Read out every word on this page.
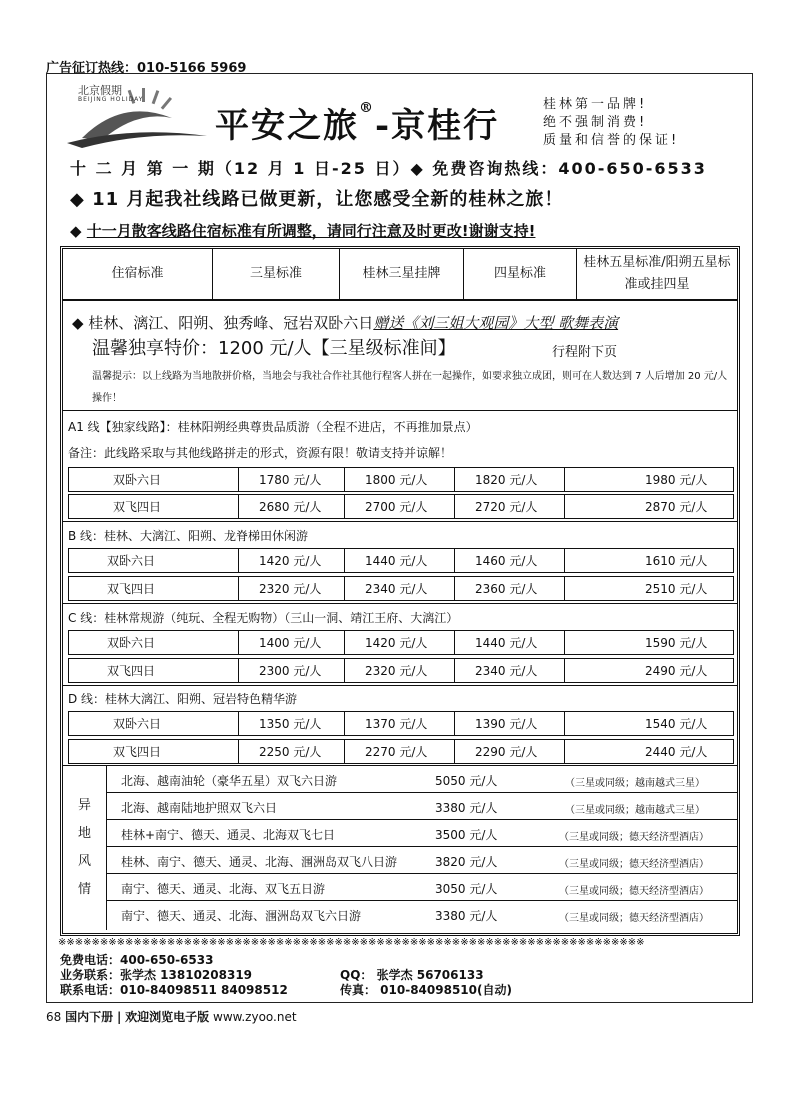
广告征订热线：010-5166 5969
北京假期
BEIJING HOLIDAY
平安之旅®-京桂行
桂林第一品牌!
绝不强制消费!
质量和信誉的保证!
十 二 月 第 一 期（12 月 1 日-25 日）◆ 免费咨询热线：400-650-6533
◆ 11 月起我社线路已做更新，让您感受全新的桂林之旅！
◆ 十一月散客线路住宿标准有所调整，请同行注意及时更改!谢谢支持!
住宿标准	三星标准	桂林三星挂牌	四星标准
桂林五星标准/阳朔五星标准或挂四星
◆ 桂林、漓江、阳朔、独秀峰、冠岩双卧六日赠送《刘三姐大观园》大型 歌舞表演
温馨独享特价：1200 元/人【三星级标准间】	行程附下页
温馨提示：以上线路为当地散拼价格，当地会与我社合作社其他行程客人拼在一起操作，如要求独立成团，则可在人数达到 7 人后增加 20 元/人操作！
A1 线【独家线路】：桂林阳朔经典尊贵品质游（全程不进店，不再推加景点）
备注：此线路采取与其他线路拼走的形式，资源有限！敬请支持并谅解！
双卧六日	1780 元/人	1800 元/人	1820 元/人	1980 元/人
双飞四日	2680 元/人	2700 元/人	2720 元/人	2870 元/人
B 线：桂林、大漓江、阳朔、龙脊梯田休闲游
双卧六日	1420 元/人	1440 元/人	1460 元/人	1610 元/人
双飞四日	2320 元/人	2340 元/人	2360 元/人	2510 元/人
C 线：桂林常规游（纯玩、全程无购物）（三山一洞、靖江王府、大漓江）
双卧六日	1400 元/人	1420 元/人	1440 元/人	1590 元/人
双飞四日	2300 元/人	2320 元/人	2340 元/人	2490 元/人
D 线：桂林大漓江、阳朔、冠岩特色精华游
双卧六日	1350 元/人	1370 元/人	1390 元/人	1540 元/人
双飞四日	2250 元/人	2270 元/人	2290 元/人	2440 元/人
异
地
风
情
北海、越南油轮（豪华五星）双飞六日游	5050 元/人	（三星或同级；越南越式三星）
北海、越南陆地护照双飞六日	3380 元/人	（三星或同级；越南越式三星）
桂林+南宁、德天、通灵、北海双飞七日	3500 元/人	（三星或同级；德天经济型酒店）
桂林、南宁、德天、通灵、北海、涠洲岛双飞八日游	3820 元/人	（三星或同级；德天经济型酒店）
南宁、德天、通灵、北海、双飞五日游	3050 元/人	（三星或同级；德天经济型酒店）
南宁、德天、通灵、北海、涠洲岛双飞六日游	3380 元/人	（三星或同级；德天经济型酒店）
※※※※※※※※※※※※※※※※※※※※※※※※※※※※※※※※※※※※※※※※※※※※※※※※※※※※※※※※※※※※※※※※※※※※※※
免费电话：400-650-6533
业务联系：张学杰 13810208319	QQ： 张学杰 56706133
联系电话：010-84098511 84098512	传真： 010-84098510(自动)
68 国内下册 | 欢迎浏览电子版 www.zyoo.net
